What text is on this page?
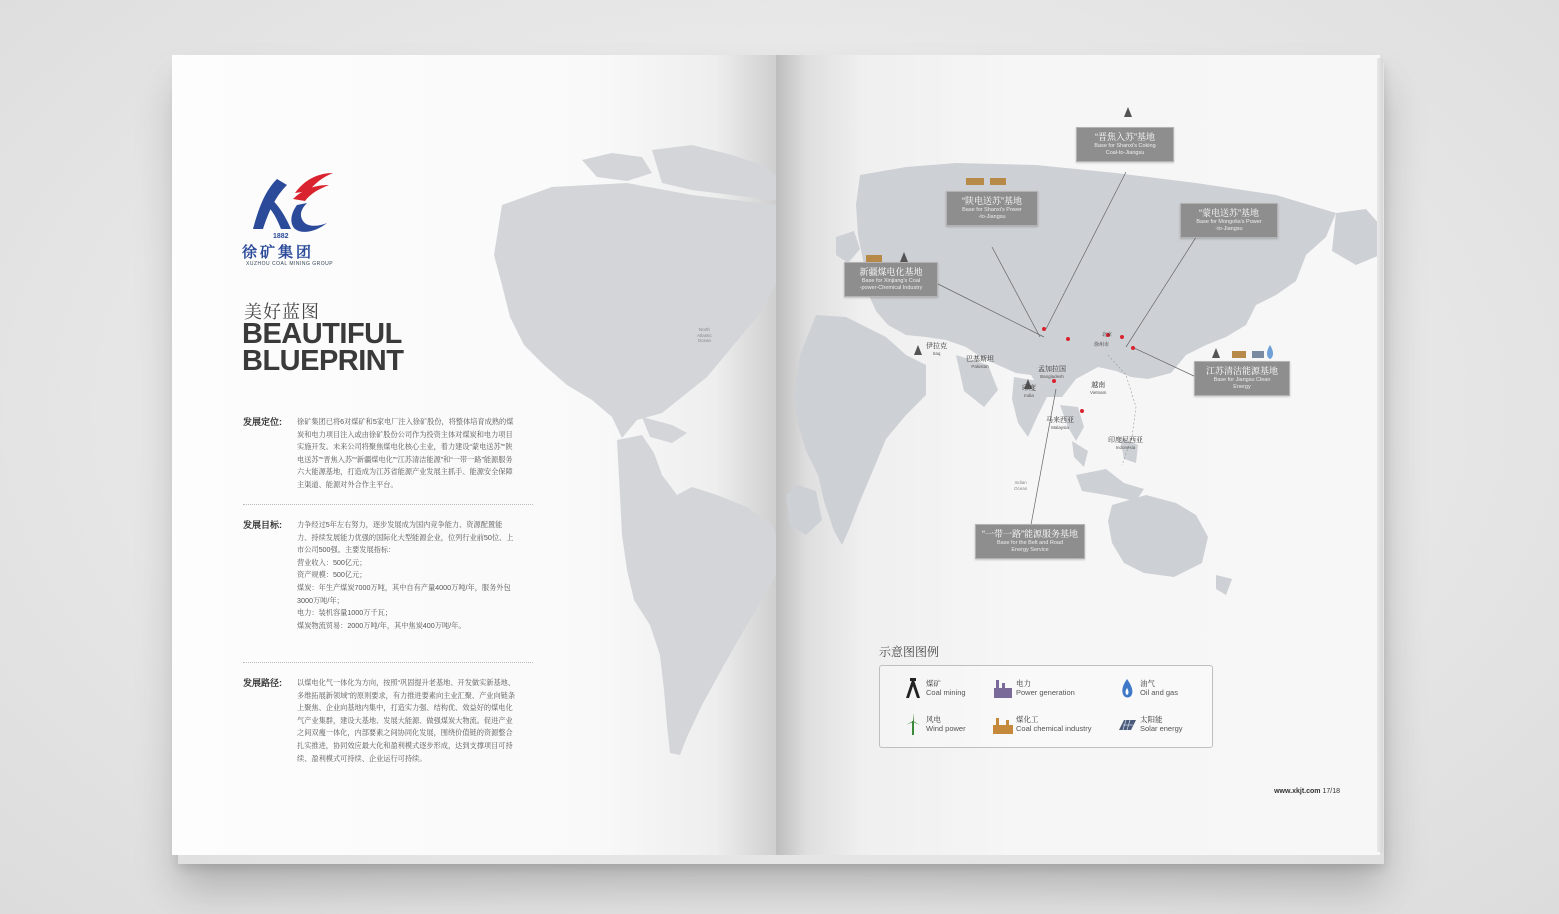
1882
徐矿集团
XUZHOU COAL MINING GROUP
美好蓝图
BEAUTIFUL
BLUEPRINT
发展定位: 徐矿集团已将6对煤矿和5家电厂注入徐矿股份，将整体培育成熟的煤
炭和电力项目注入或由徐矿股份公司作为投资主体对煤炭和电力项目
实施开发。未来公司将聚焦煤电化核心主业，着力建设“蒙电送苏”“陕
电送苏”“晋焦入苏”“新疆煤电化”“江苏清洁能源”和“一带一路”能源服务
六大能源基地，打造成为江苏省能源产业发展主抓手、能源安全保障
主渠道、能源对外合作主平台。
发展目标: 力争经过5年左右努力，逐步发展成为国内竞争能力、资源配置能
力、持续发展能力优强的国际化大型能源企业，位列行业前50位、上
市公司500强。主要发展指标：
营业收入：500亿元；
资产规模：500亿元；
煤炭：年生产煤炭7000万吨，其中自有产量4000万吨/年，服务外包
3000万吨/年；
电力：装机容量1000万千瓦；
煤炭物流贸易：2000万吨/年，其中焦炭400万吨/年。
发展路径: 以煤电化气一体化为方向，按照“巩固提升老基地、开发做实新基地、
多维拓展新领域”的原则要求，有力推进要素向主业汇聚、产业向链条
上聚焦、企业向基地内集中，打造实力强、结构优、效益好的煤电化
气产业集群，建设大基地、发展大能源、做强煤炭大物流。促进产业
之间双瘦一体化，内部要素之间协同化发展，围绕价值链的资源整合
扎实推进，协同效应最大化和盈利模式逐步形成，达到支撑项目可持
续、盈利模式可持续、企业运行可持续。
North
Atlantic
Ocean
“晋焦入苏”基地
Base for Shanxi's Coking
Coal-to-Jiangsu
“陕电送苏”基地
Base for Shanxi's Power
-to-Jiangsu	“蒙电送苏”基地
Base for Mongolia's Power
-to-Jiangsu
新疆煤电化基地
Base for Xinjiang's Coal
-power-Chemical Industry
江苏清洁能源基地
Base for Jiangsu Clean
Energy
“一带一路”能源服务基地
Base for the Belt and Road
Energy Service
伊拉克
Iraq
巴基斯坦
Pakistan
印度
India
孟加拉国
Bangladesh
越南
Vietnam
马来西亚
Malaysia
印度尼西亚
Indonesia
北京
徐州市
Indian
Ocean
示意图图例
煤矿
Coal mining
电力
Power generation
油气
Oil and gas
风电
Wind power
煤化工
Coal chemical industry
太阳能
Solar energy
www.xkjt.com 17/18
